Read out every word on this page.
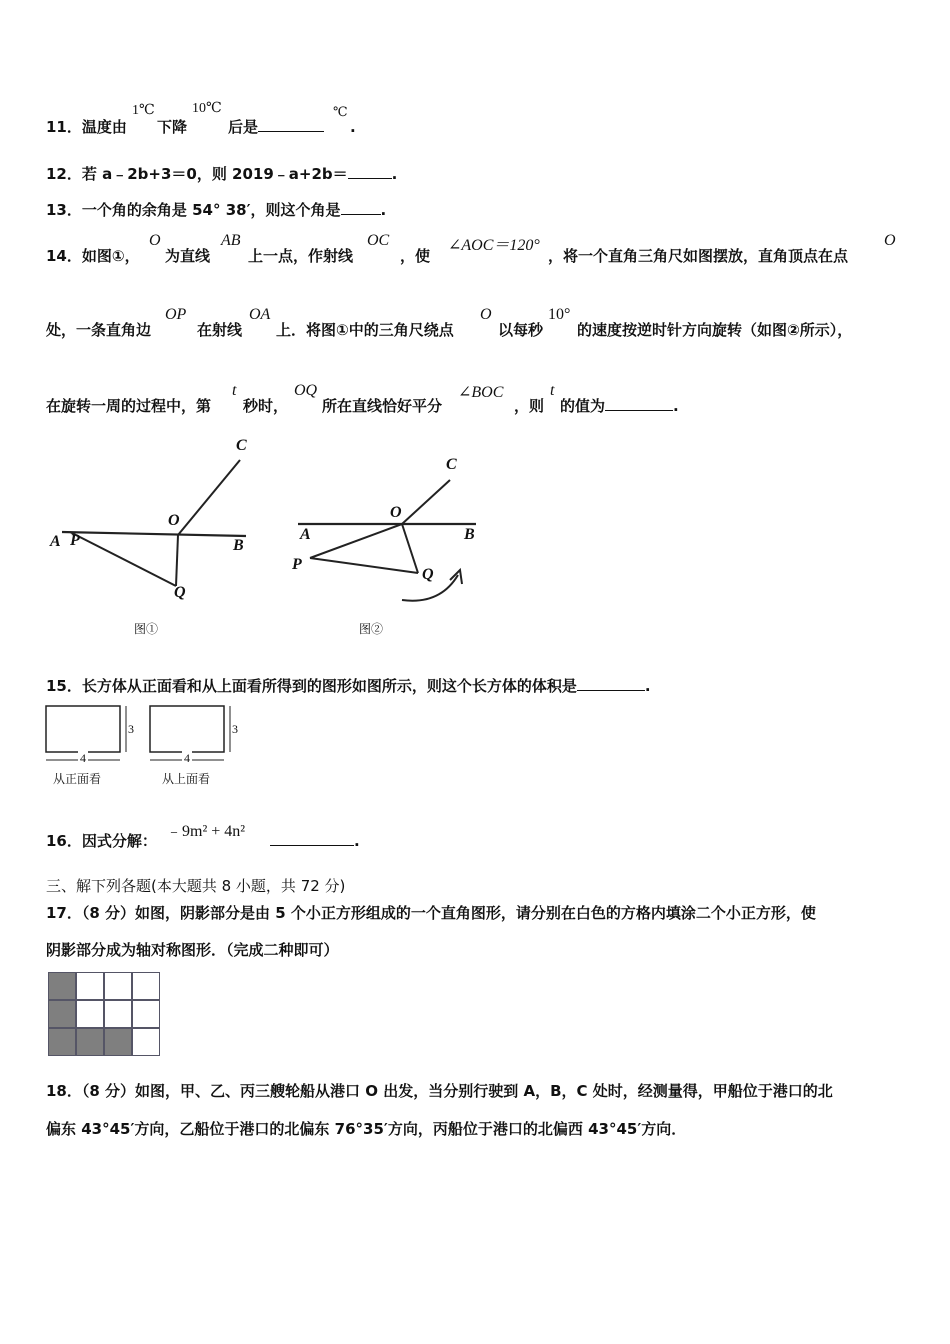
11．温度由
1℃
下降
10℃
后是
℃
.
12．若 a﹣2b+3＝0，则 2019﹣a+2b＝	.
13．一个角的余角是 54° 38′，则这个角是	.
14．如图①，
O
为直线
AB
上一点，作射线
OC
，使
∠AOC＝120°
，将一个直角三角尺如图摆放，直角顶点在点
O
处，一条直角边
OP
在射线
OA
上．将图①中的三角尺绕点
O
以每秒
10°
的速度按逆时针方向旋转（如图②所示），
在旋转一周的过程中，第
t
秒时，
OQ
所在直线恰好平分
∠BOC
，则
t
的值为	.
C
O
A P	B
Q
图①
C
O
A	B
P
Q
图②
15．长方体从正面看和从上面看所得到的图形如图所示，则这个长方体的体积是	.
4
3
从正面看
4
3
从上面看
16．因式分解：
﹣9m² + 4n²
.
三、解下列各题(本大题共 8 小题，共 72 分)
17．（8 分）如图，阴影部分是由 5 个小正方形组成的一个直角图形，请分别在白色的方格内填涂二个小正方形，使
阴影部分成为轴对称图形．（完成二种即可）
18．（8 分）如图，甲、乙、丙三艘轮船从港口 O 出发，当分别行驶到 A，B，C 处时，经测量得，甲船位于港口的北
偏东 43°45′方向，乙船位于港口的北偏东 76°35′方向，丙船位于港口的北偏西 43°45′方向．
